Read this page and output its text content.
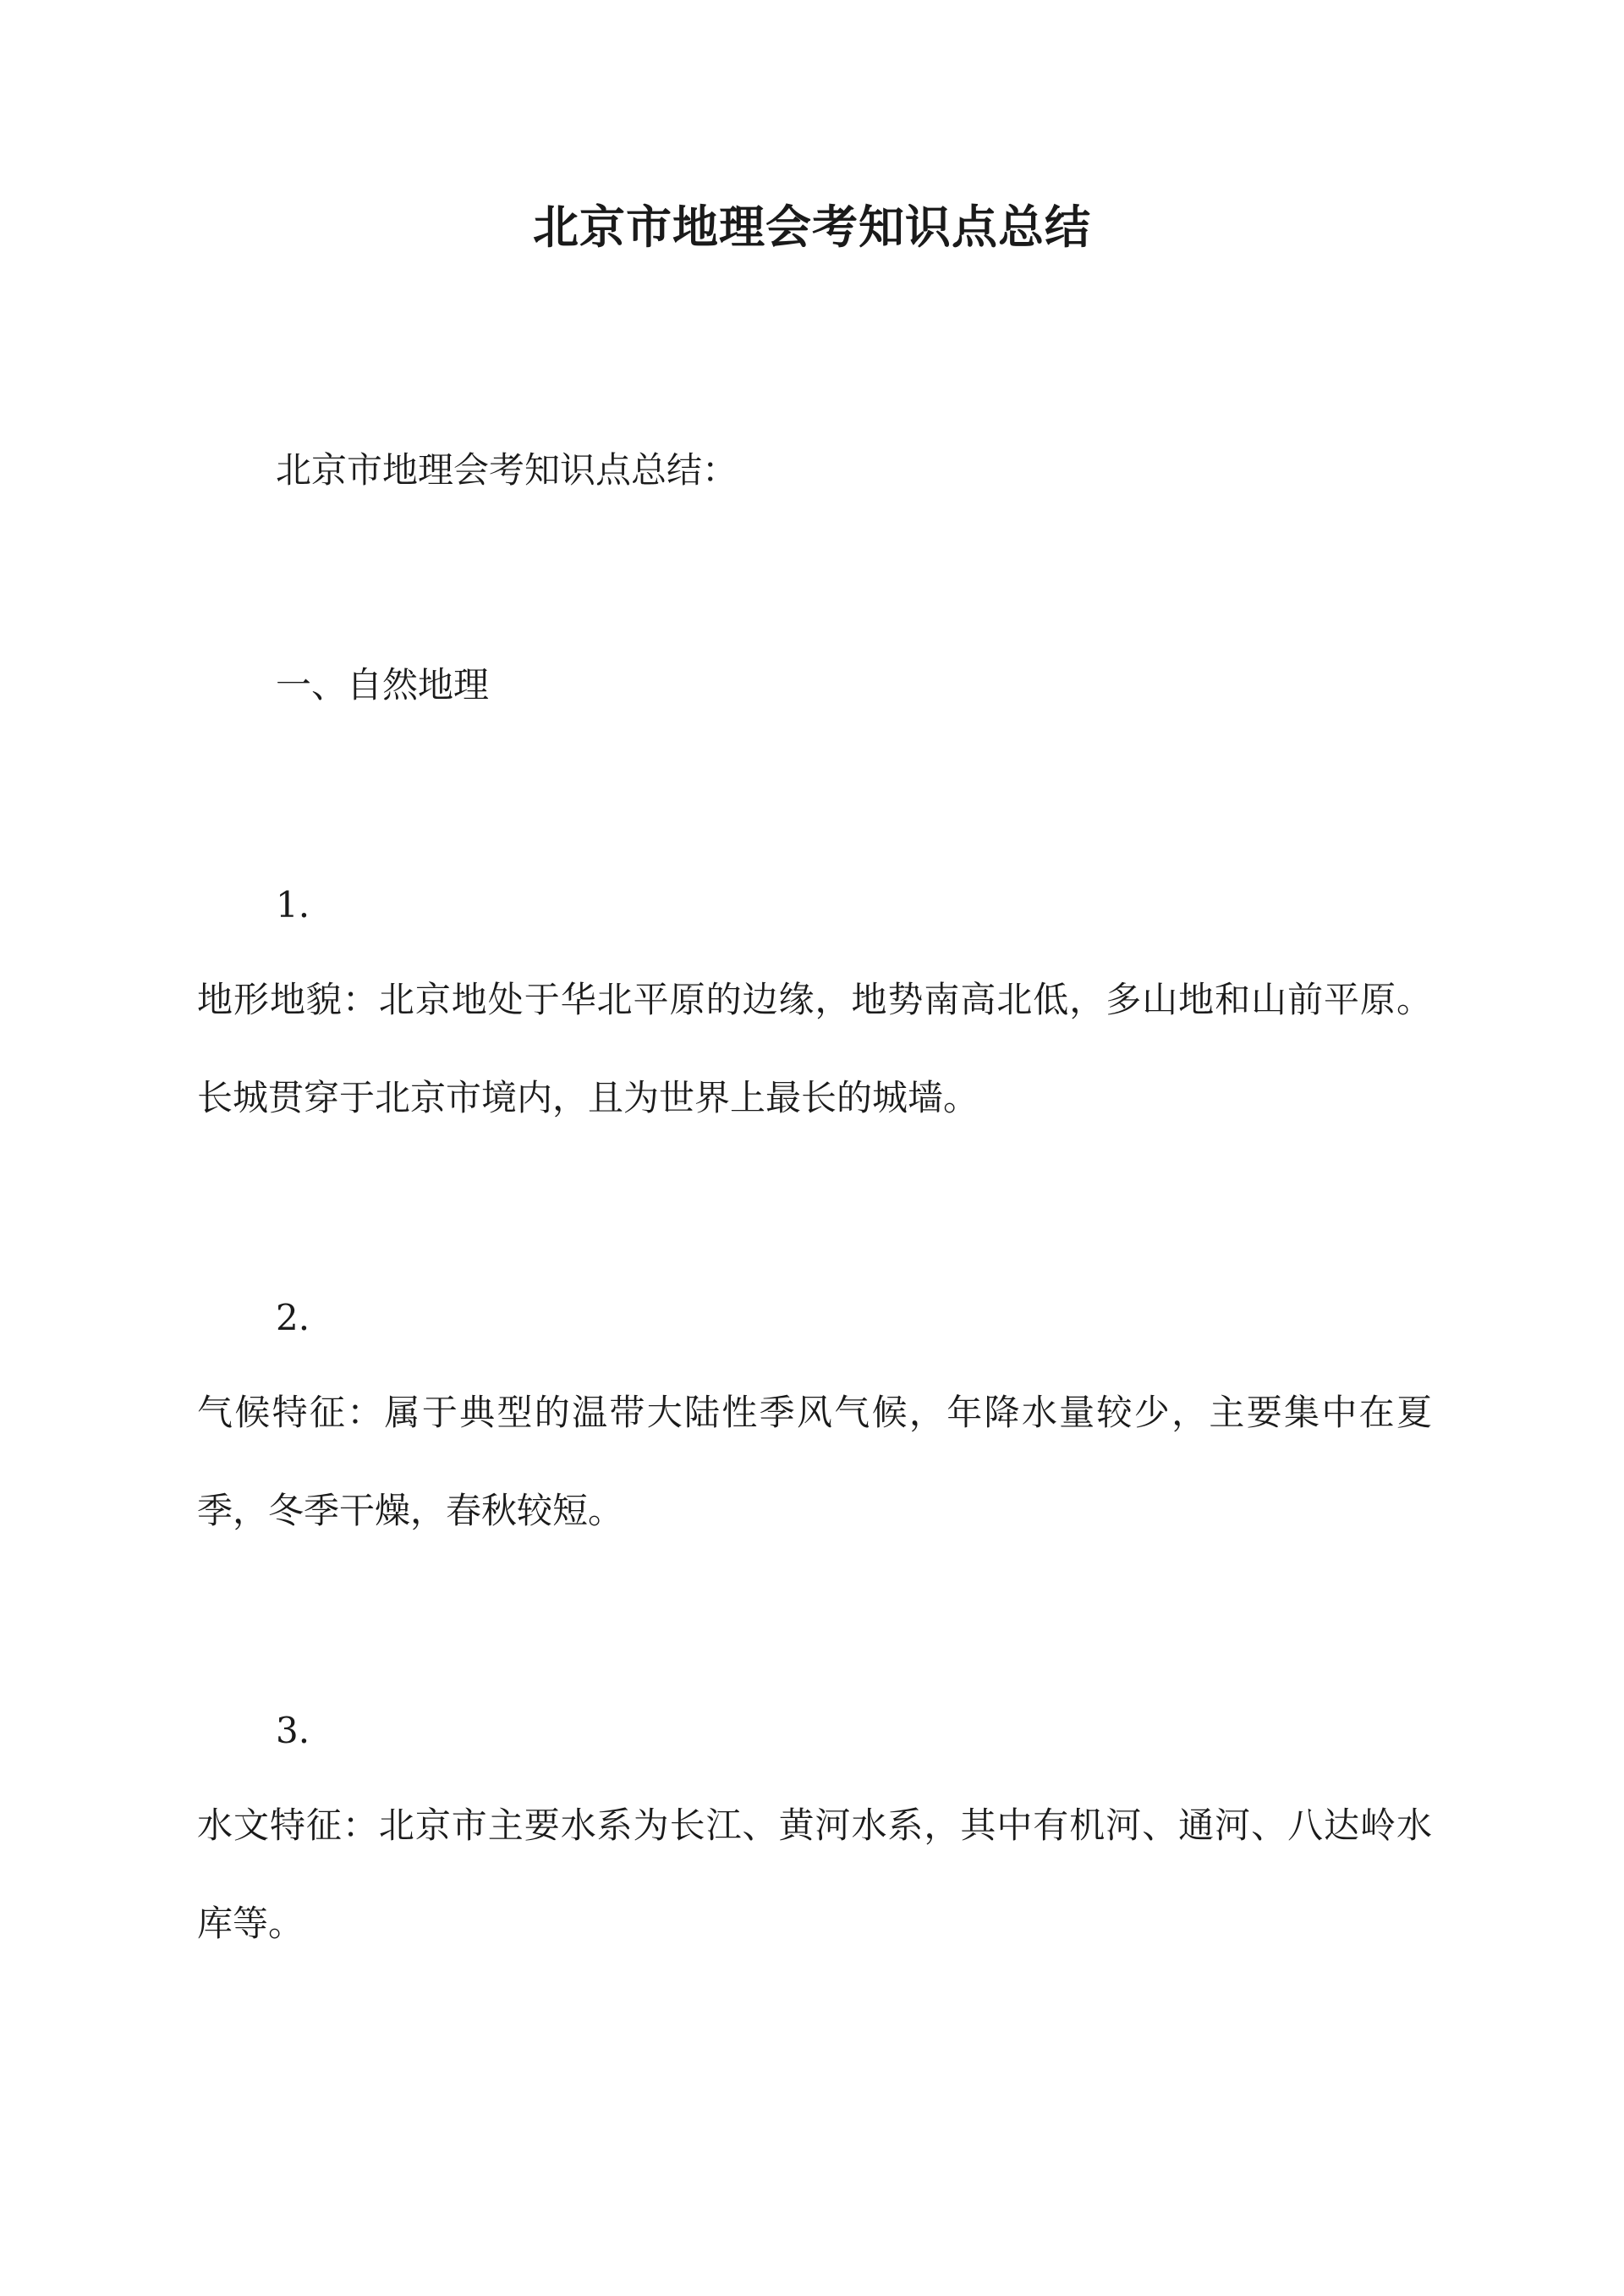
北京市地理会考知识点总结

北京市地理会考知识点总结：

一、自然地理

1.

地形地貌：北京地处于华北平原的边缘，地势南高北低，多山地和山前平原。长城贯穿于北京市境内，且为世界上最长的城墙。

2.

气候特征：属于典型的温带大陆性季风气候，年降水量较少，主要集中在夏季，冬季干燥，春秋较短。

3.

水文特征：北京市主要水系为长江、黄河水系，其中有机河、通河、八达岭水库等。
